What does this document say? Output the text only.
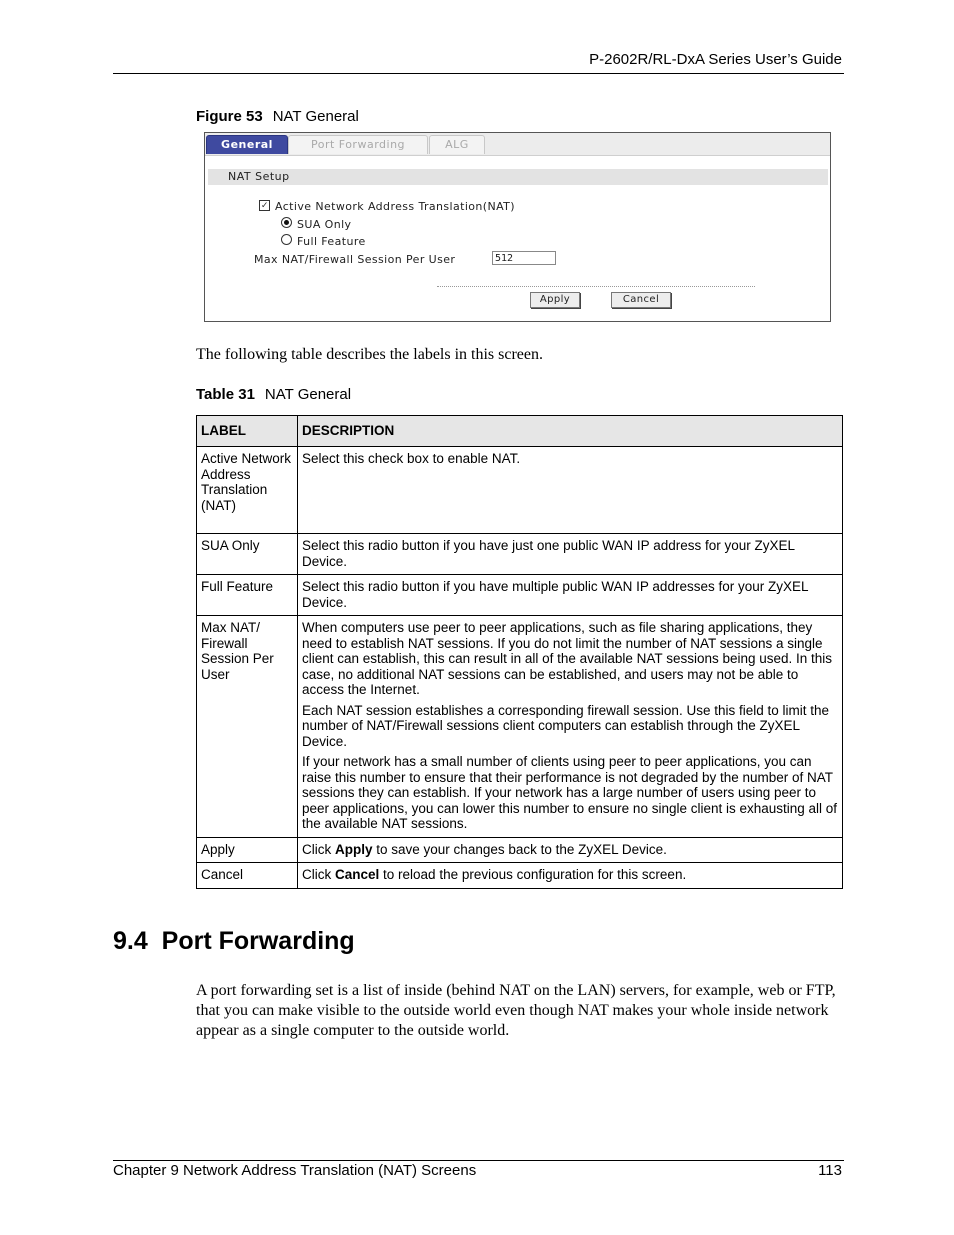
P-2602R/RL-DxA Series User’s Guide
Figure 53 NAT General
General	Port Forwarding	ALG
NAT Setup
✓ Active Network Address Translation(NAT)
SUA Only
Full Feature
Max NAT/Firewall Session Per User	512
Apply	Cancel
The following table describes the labels in this screen.
Table 31 NAT General
LABEL	DESCRIPTION
Active Network Address Translation (NAT)	Select this check box to enable NAT.

SUA Only	Select this radio button if you have just one public WAN IP address for your ZyXEL Device.

Full Feature	Select this radio button if you have multiple public WAN IP addresses for your ZyXEL Device.

Max NAT/ Firewall Session Per User	When computers use peer to peer applications, such as file sharing applications, they need to establish NAT sessions. If you do not limit the number of NAT sessions a single client can establish, this can result in all of the available NAT sessions being used. In this case, no additional NAT sessions can be established, and users may not be able to access the Internet.

Each NAT session establishes a corresponding firewall session. Use this field to limit the number of NAT/Firewall sessions client computers can establish through the ZyXEL Device.

If your network has a small number of clients using peer to peer applications, you can raise this number to ensure that their performance is not degraded by the number of NAT sessions they can establish. If your network has a large number of users using peer to peer applications, you can lower this number to ensure no single client is exhausting all of the available NAT sessions.

Apply	Click Apply to save your changes back to the ZyXEL Device.
Cancel	Click Cancel to reload the previous configuration for this screen.
9.4  Port Forwarding
A port forwarding set is a list of inside (behind NAT on the LAN) servers, for example, web or FTP, that you can make visible to the outside world even though NAT makes your whole inside network appear as a single computer to the outside world.
Chapter 9 Network Address Translation (NAT) Screens	113
